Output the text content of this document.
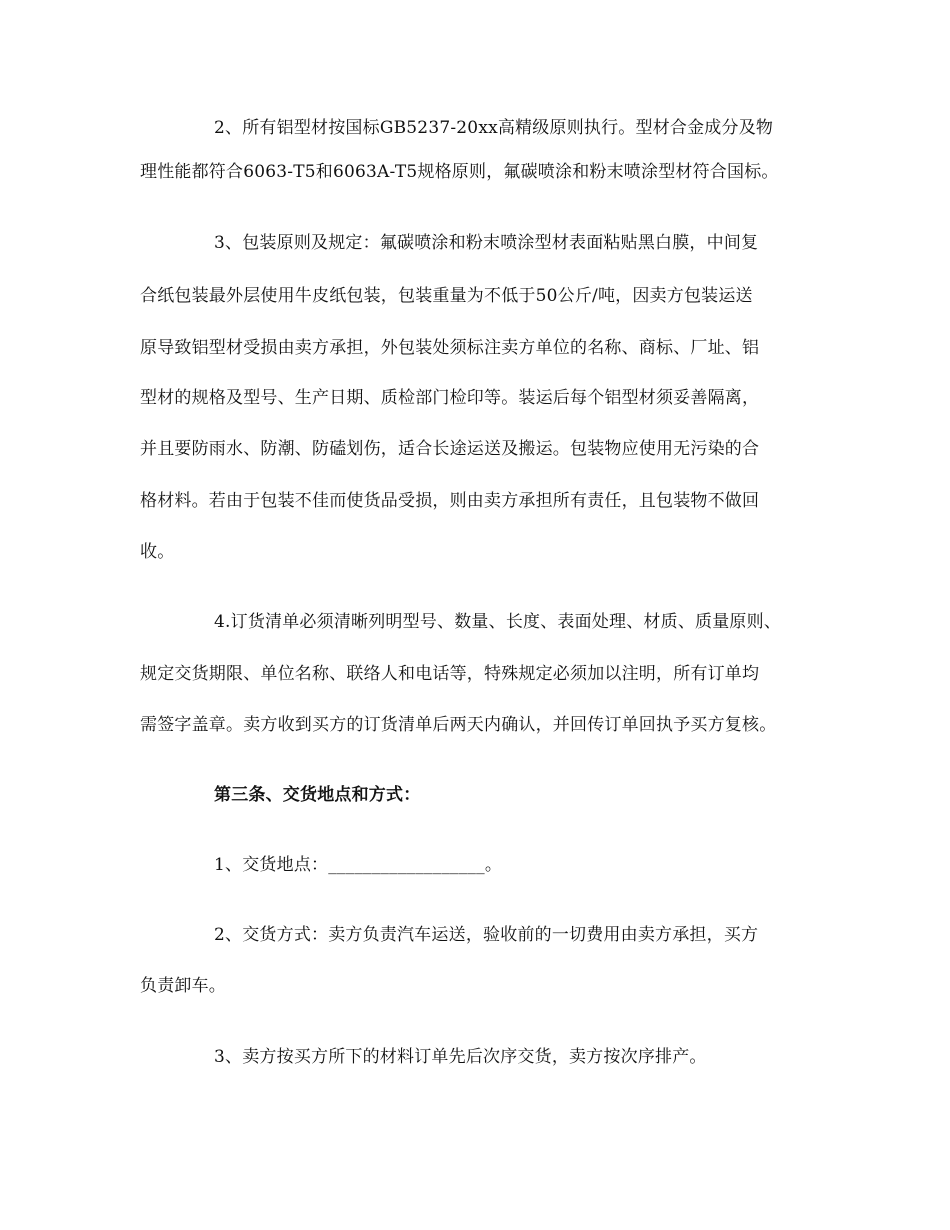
2、所有铝型材按国标GB5237-20xx高精级原则执行。型材合金成分及物
理性能都符合6063-T5和6063A-T5规格原则，氟碳喷涂和粉末喷涂型材符合国标。
3、包装原则及规定：氟碳喷涂和粉末喷涂型材表面粘贴黑白膜，中间复
合纸包装最外层使用牛皮纸包装，包装重量为不低于50公斤/吨，因卖方包装运送
原导致铝型材受损由卖方承担，外包装处须标注卖方单位的名称、商标、厂址、铝
型材的规格及型号、生产日期、质检部门检印等。装运后每个铝型材须妥善隔离，
并且要防雨水、防潮、防磕划伤，适合长途运送及搬运。包装物应使用无污染的合
格材料。若由于包装不佳而使货品受损，则由卖方承担所有责任，且包装物不做回
收。
4.订货清单必须清晰列明型号、数量、长度、表面处理、材质、质量原则、
规定交货期限、单位名称、联络人和电话等，特殊规定必须加以注明，所有订单均
需签字盖章。卖方收到买方的订货清单后两天内确认，并回传订单回执予买方复核。
第三条、交货地点和方式：
1、交货地点：__________________。
2、交货方式：卖方负责汽车运送，验收前的一切费用由卖方承担，买方
负责卸车。
3、卖方按买方所下的材料订单先后次序交货，卖方按次序排产。
